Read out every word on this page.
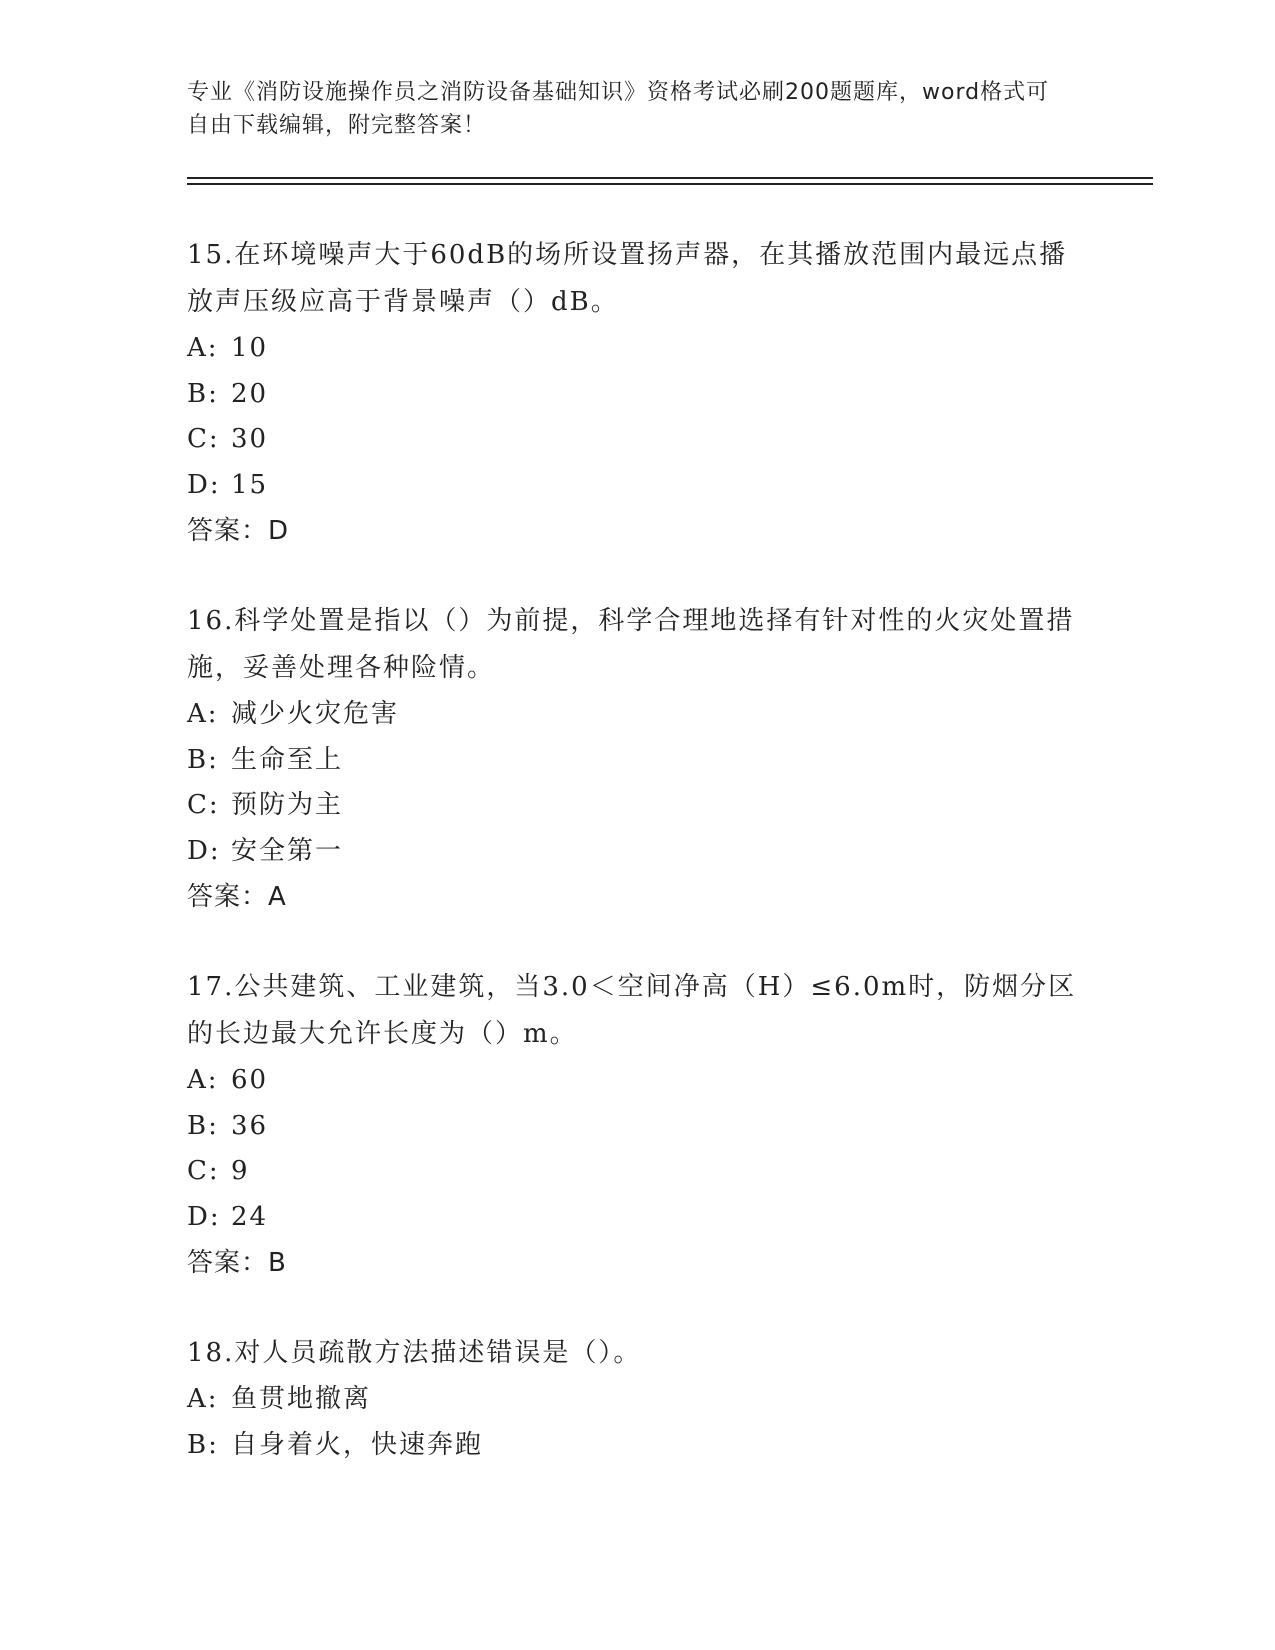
专业《消防设施操作员之消防设备基础知识》资格考试必刷200题题库，word格式可自由下载编辑，附完整答案！

15.在环境噪声大于60dB的场所设置扬声器，在其播放范围内最远点播放声压级应高于背景噪声（）dB。

A: 10

B: 20

C: 30

D: 15

答案：D

16.科学处置是指以（）为前提，科学合理地选择有针对性的火灾处置措施，妥善处理各种险情。

A: 减少火灾危害

B: 生命至上

C: 预防为主

D: 安全第一

答案：A

17.公共建筑、工业建筑，当3.0＜空间净高（H）≤6.0m时，防烟分区的长边最大允许长度为（）m。

A: 60

B: 36

C: 9

D: 24

答案：B

18.对人员疏散方法描述错误是（）。

A: 鱼贯地撤离

B: 自身着火，快速奔跑
